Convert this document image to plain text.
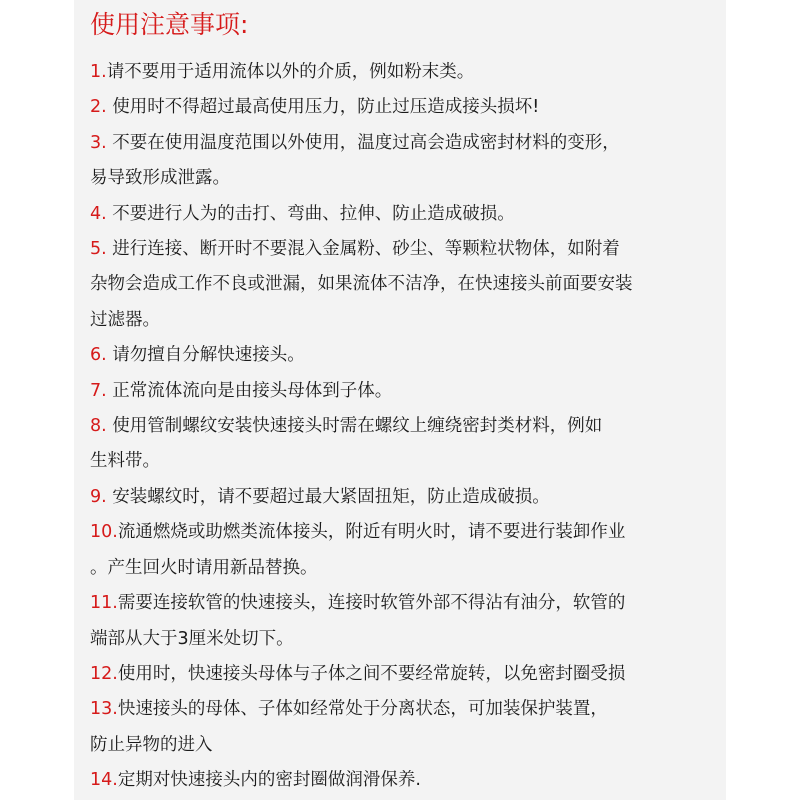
使用注意事项:
1.请不要用于适用流体以外的介质，例如粉末类。
2. 使用时不得超过最高使用压力，防止过压造成接头损坏!
3. 不要在使用温度范围以外使用，温度过高会造成密封材料的变形，
易导致形成泄露。
4. 不要进行人为的击打、弯曲、拉伸、防止造成破损。
5. 进行连接、断开时不要混入金属粉、砂尘、等颗粒状物体，如附着
杂物会造成工作不良或泄漏，如果流体不洁净，在快速接头前面要安装
过滤器。
6. 请勿擅自分解快速接头。
7. 正常流体流向是由接头母体到子体。
8. 使用管制螺纹安装快速接头时需在螺纹上缠绕密封类材料，例如
生料带。
9. 安装螺纹时，请不要超过最大紧固扭矩，防止造成破损。
10.流通燃烧或助燃类流体接头，附近有明火时，请不要进行装卸作业
。产生回火时请用新品替换。
11.需要连接软管的快速接头，连接时软管外部不得沾有油分，软管的
端部从大于3厘米处切下。
12.使用时，快速接头母体与子体之间不要经常旋转，以免密封圈受损
13.快速接头的母体、子体如经常处于分离状态，可加装保护装置，
防止异物的进入
14.定期对快速接头内的密封圈做润滑保养.
